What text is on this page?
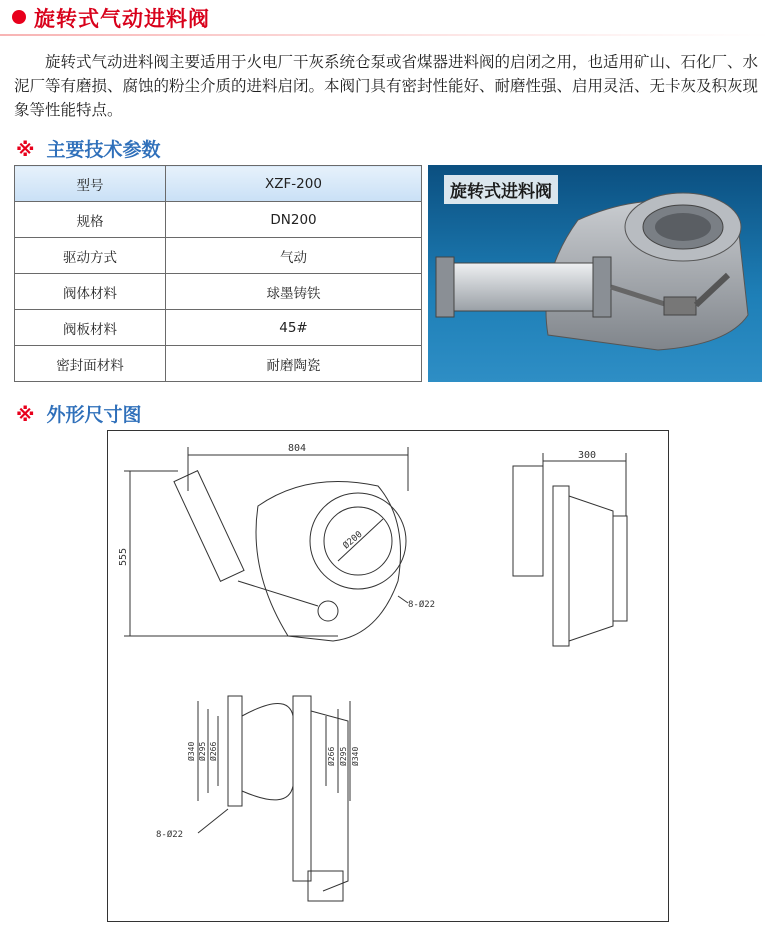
旋转式气动进料阀

旋转式气动进料阀主要适用于火电厂干灰系统仓泵或省煤器进料阀的启闭之用，也适用矿山、石化厂、水泥厂等有磨损、腐蚀的粉尘介质的进料启闭。本阀门具有密封性能好、耐磨性强、启用灵活、无卡灰及积灰现象等性能特点。

※ 主要技术参数
型号	XZF-200
规格	DN200
驱动方式	气动
阀体材料	球墨铸铁
阀板材料	45#
密封面材料	耐磨陶瓷

旋转式进料阀

※ 外形尺寸图
804
555
Ø200
8-Ø22
300
Ø340 Ø295 Ø266	Ø266 Ø295 Ø340
8-Ø22
